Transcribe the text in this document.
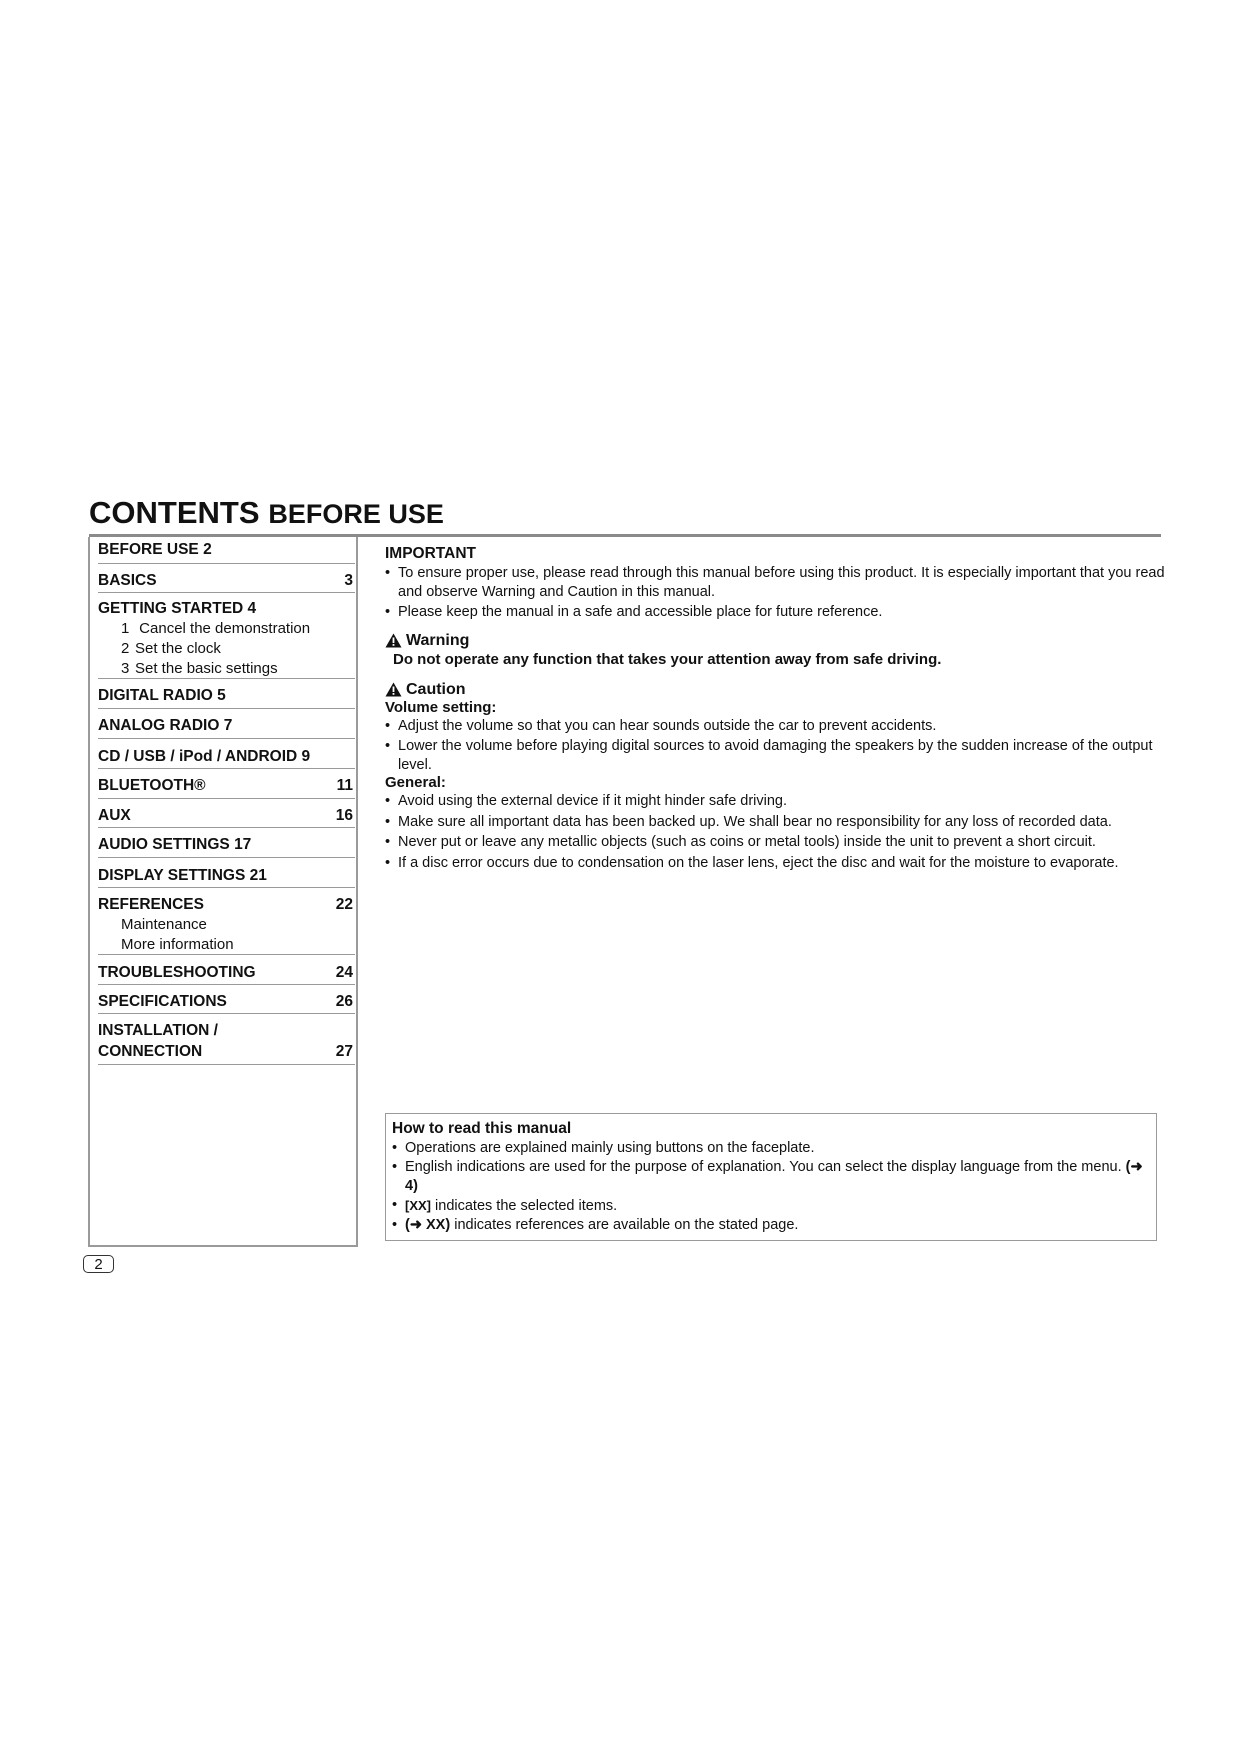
CONTENTS BEFORE USE
BEFORE USE 2
BASICS	3
GETTING STARTED 4
1 Cancel the demonstration
2 Set the clock
3 Set the basic settings
DIGITAL RADIO 5
ANALOG RADIO 7
CD / USB / iPod / ANDROID 9
BLUETOOTH®	11
AUX	16
AUDIO SETTINGS 17
DISPLAY SETTINGS 21
REFERENCES	22
Maintenance
More information
TROUBLESHOOTING	24
SPECIFICATIONS	26
INSTALLATION /
CONNECTION	27
IMPORTANT
• To ensure proper use, please read through this manual before using this product. It is especially important that you read and observe Warning and Caution in this manual.
• Please keep the manual in a safe and accessible place for future reference.
Warning
Do not operate any function that takes your attention away from safe driving.
Caution
Volume setting:
• Adjust the volume so that you can hear sounds outside the car to prevent accidents.
• Lower the volume before playing digital sources to avoid damaging the speakers by the sudden increase of the output level.
General:
• Avoid using the external device if it might hinder safe driving.
• Make sure all important data has been backed up. We shall bear no responsibility for any loss of recorded data.
• Never put or leave any metallic objects (such as coins or metal tools) inside the unit to prevent a short circuit.
• If a disc error occurs due to condensation on the laser lens, eject the disc and wait for the moisture to evaporate.
How to read this manual
• Operations are explained mainly using buttons on the faceplate.
• English indications are used for the purpose of explanation. You can select the display language from the menu. (➜ 4)
• [XX] indicates the selected items.
• (➜ XX) indicates references are available on the stated page.
2
